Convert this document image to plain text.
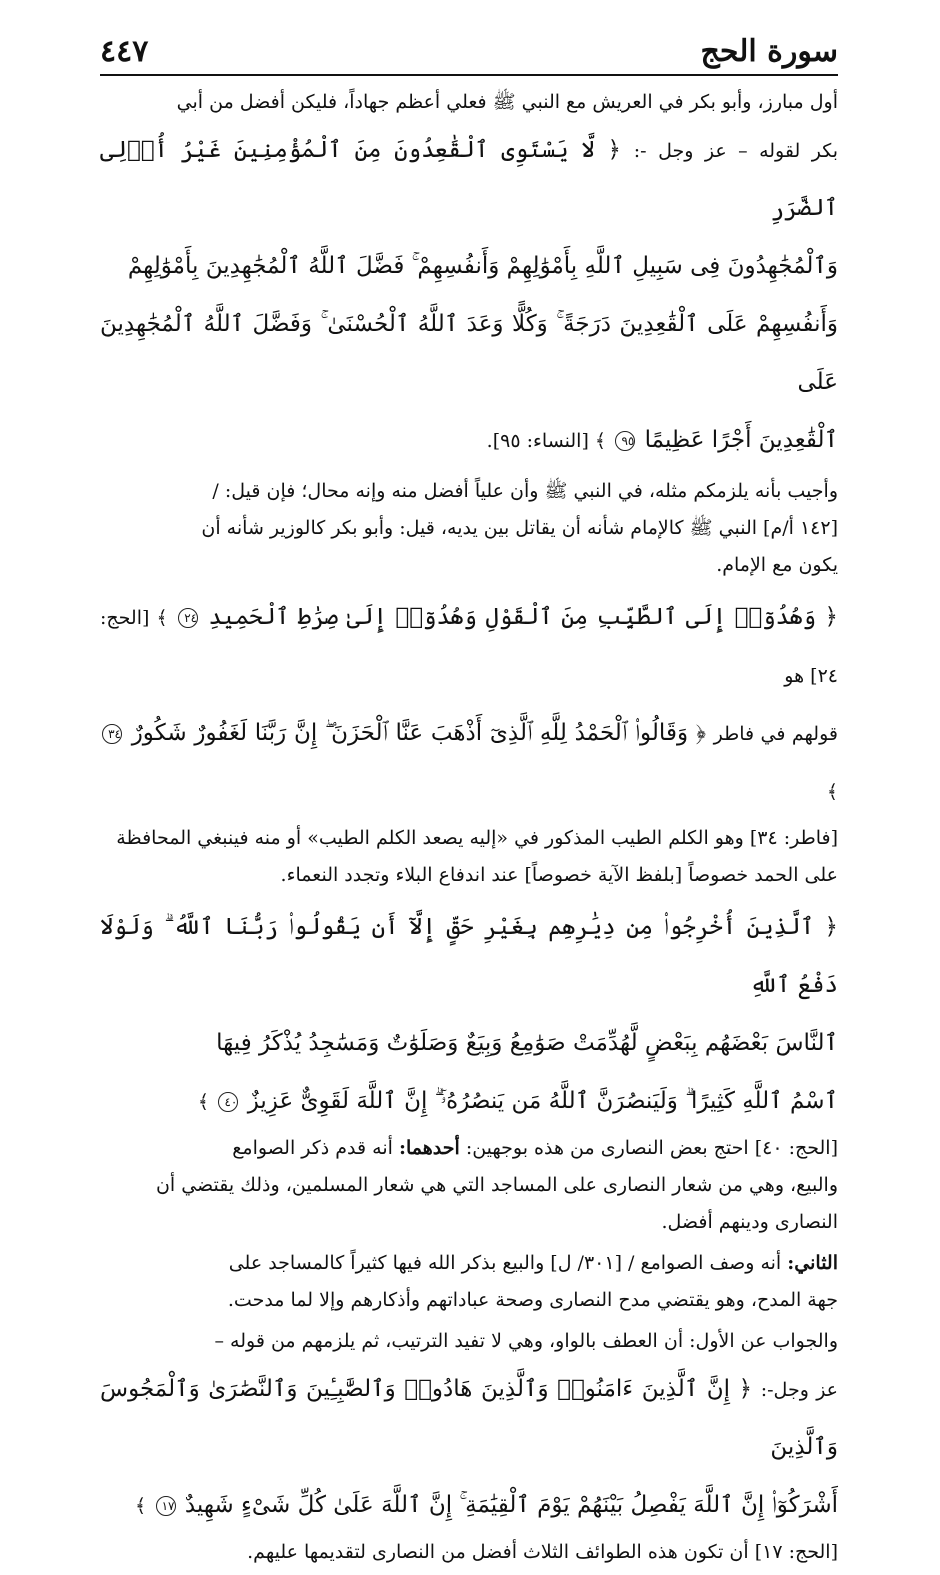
سورة الحج
٤٤٧
أول مبارز، وأبو بكر في العريش مع النبي ﷺ فعلي أعظم جهاداً، فليكن أفضل من أبي
بكر لقوله – عز وجل -: ﴿ لَّا يَسْتَوِى ٱلْقَٰعِدُونَ مِنَ ٱلْمُؤْمِنِينَ غَيْرُ أُو۟لِى ٱلضَّرَرِ
وَٱلْمُجَٰهِدُونَ فِى سَبِيلِ ٱللَّهِ بِأَمْوَٰلِهِمْ وَأَنفُسِهِمْ ۚ فَضَّلَ ٱللَّهُ ٱلْمُجَٰهِدِينَ بِأَمْوَٰلِهِمْ
وَأَنفُسِهِمْ عَلَى ٱلْقَٰعِدِينَ دَرَجَةً ۚ وَكُلًّا وَعَدَ ٱللَّهُ ٱلْحُسْنَىٰ ۚ وَفَضَّلَ ٱللَّهُ ٱلْمُجَٰهِدِينَ عَلَى
ٱلْقَٰعِدِينَ أَجْرًا عَظِيمًا ٩٥ ﴾ [النساء: ٩٥].
وأجيب بأنه يلزمكم مثله، في النبي ﷺ وأن علياً أفضل منه وإنه محال؛ فإن قيل: /
[١٤٢ أ/م] النبي ﷺ كالإمام شأنه أن يقاتل بين يديه، قيل: وأبو بكر كالوزير شأنه أن
يكون مع الإمام.
﴿ وَهُدُوٓا۟ إِلَى ٱلطَّيِّبِ مِنَ ٱلْقَوْلِ وَهُدُوٓا۟ إِلَىٰ صِرَٰطِ ٱلْحَمِيدِ ٢٤ ﴾ [الحج: ٢٤] هو
قولهم في فاطر ﴿ وَقَالُوا۟ ٱلْحَمْدُ لِلَّهِ ٱلَّذِىٓ أَذْهَبَ عَنَّا ٱلْحَزَنَ ۖ إِنَّ رَبَّنَا لَغَفُورٌ شَكُورٌ ٣٤ ﴾
[فاطر: ٣٤] وهو الكلم الطيب المذكور في «إليه يصعد الكلم الطيب» أو منه فينبغي المحافظة
على الحمد خصوصاً [بلفظ الآية خصوصاً] عند اندفاع البلاء وتجدد النعماء.
﴿ ٱلَّذِينَ أُخْرِجُوا۟ مِن دِيَٰرِهِم بِغَيْرِ حَقٍّ إِلَّآ أَن يَقُولُوا۟ رَبُّنَا ٱللَّهُ ۗ وَلَوْلَا دَفْعُ ٱللَّهِ
ٱلنَّاسَ بَعْضَهُم بِبَعْضٍ لَّهُدِّمَتْ صَوَٰمِعُ وَبِيَعٌ وَصَلَوَٰتٌ وَمَسَٰجِدُ يُذْكَرُ فِيهَا
ٱسْمُ ٱللَّهِ كَثِيرًا ۗ وَلَيَنصُرَنَّ ٱللَّهُ مَن يَنصُرُهُۥٓ ۗ إِنَّ ٱللَّهَ لَقَوِىٌّ عَزِيزٌ ٤٠ ﴾
[الحج: ٤٠] احتج بعض النصارى من هذه بوجهين: أحدهما: أنه قدم ذكر الصوامع
والبيع، وهي من شعار النصارى على المساجد التي هي شعار المسلمين، وذلك يقتضي أن
النصارى ودينهم أفضل.
الثاني: أنه وصف الصوامع / [٣٠١/ ل] والبيع بذكر الله فيها كثيراً كالمساجد على
جهة المدح، وهو يقتضي مدح النصارى وصحة عباداتهم وأذكارهم وإلا لما مدحت.
والجواب عن الأول: أن العطف بالواو، وهي لا تفيد الترتيب، ثم يلزمهم من قوله –
عز وجل-: ﴿ إِنَّ ٱلَّذِينَ ءَامَنُوا۟ وَٱلَّذِينَ هَادُوا۟ وَٱلصَّٰبِـِٔينَ وَٱلنَّصَٰرَىٰ وَٱلْمَجُوسَ وَٱلَّذِينَ
أَشْرَكُوٓا۟ إِنَّ ٱللَّهَ يَفْصِلُ بَيْنَهُمْ يَوْمَ ٱلْقِيَٰمَةِ ۚ إِنَّ ٱللَّهَ عَلَىٰ كُلِّ شَىْءٍ شَهِيدٌ ١٧ ﴾
[الحج: ١٧] أن تكون هذه الطوائف الثلاث أفضل من النصارى لتقديمها عليهم.
